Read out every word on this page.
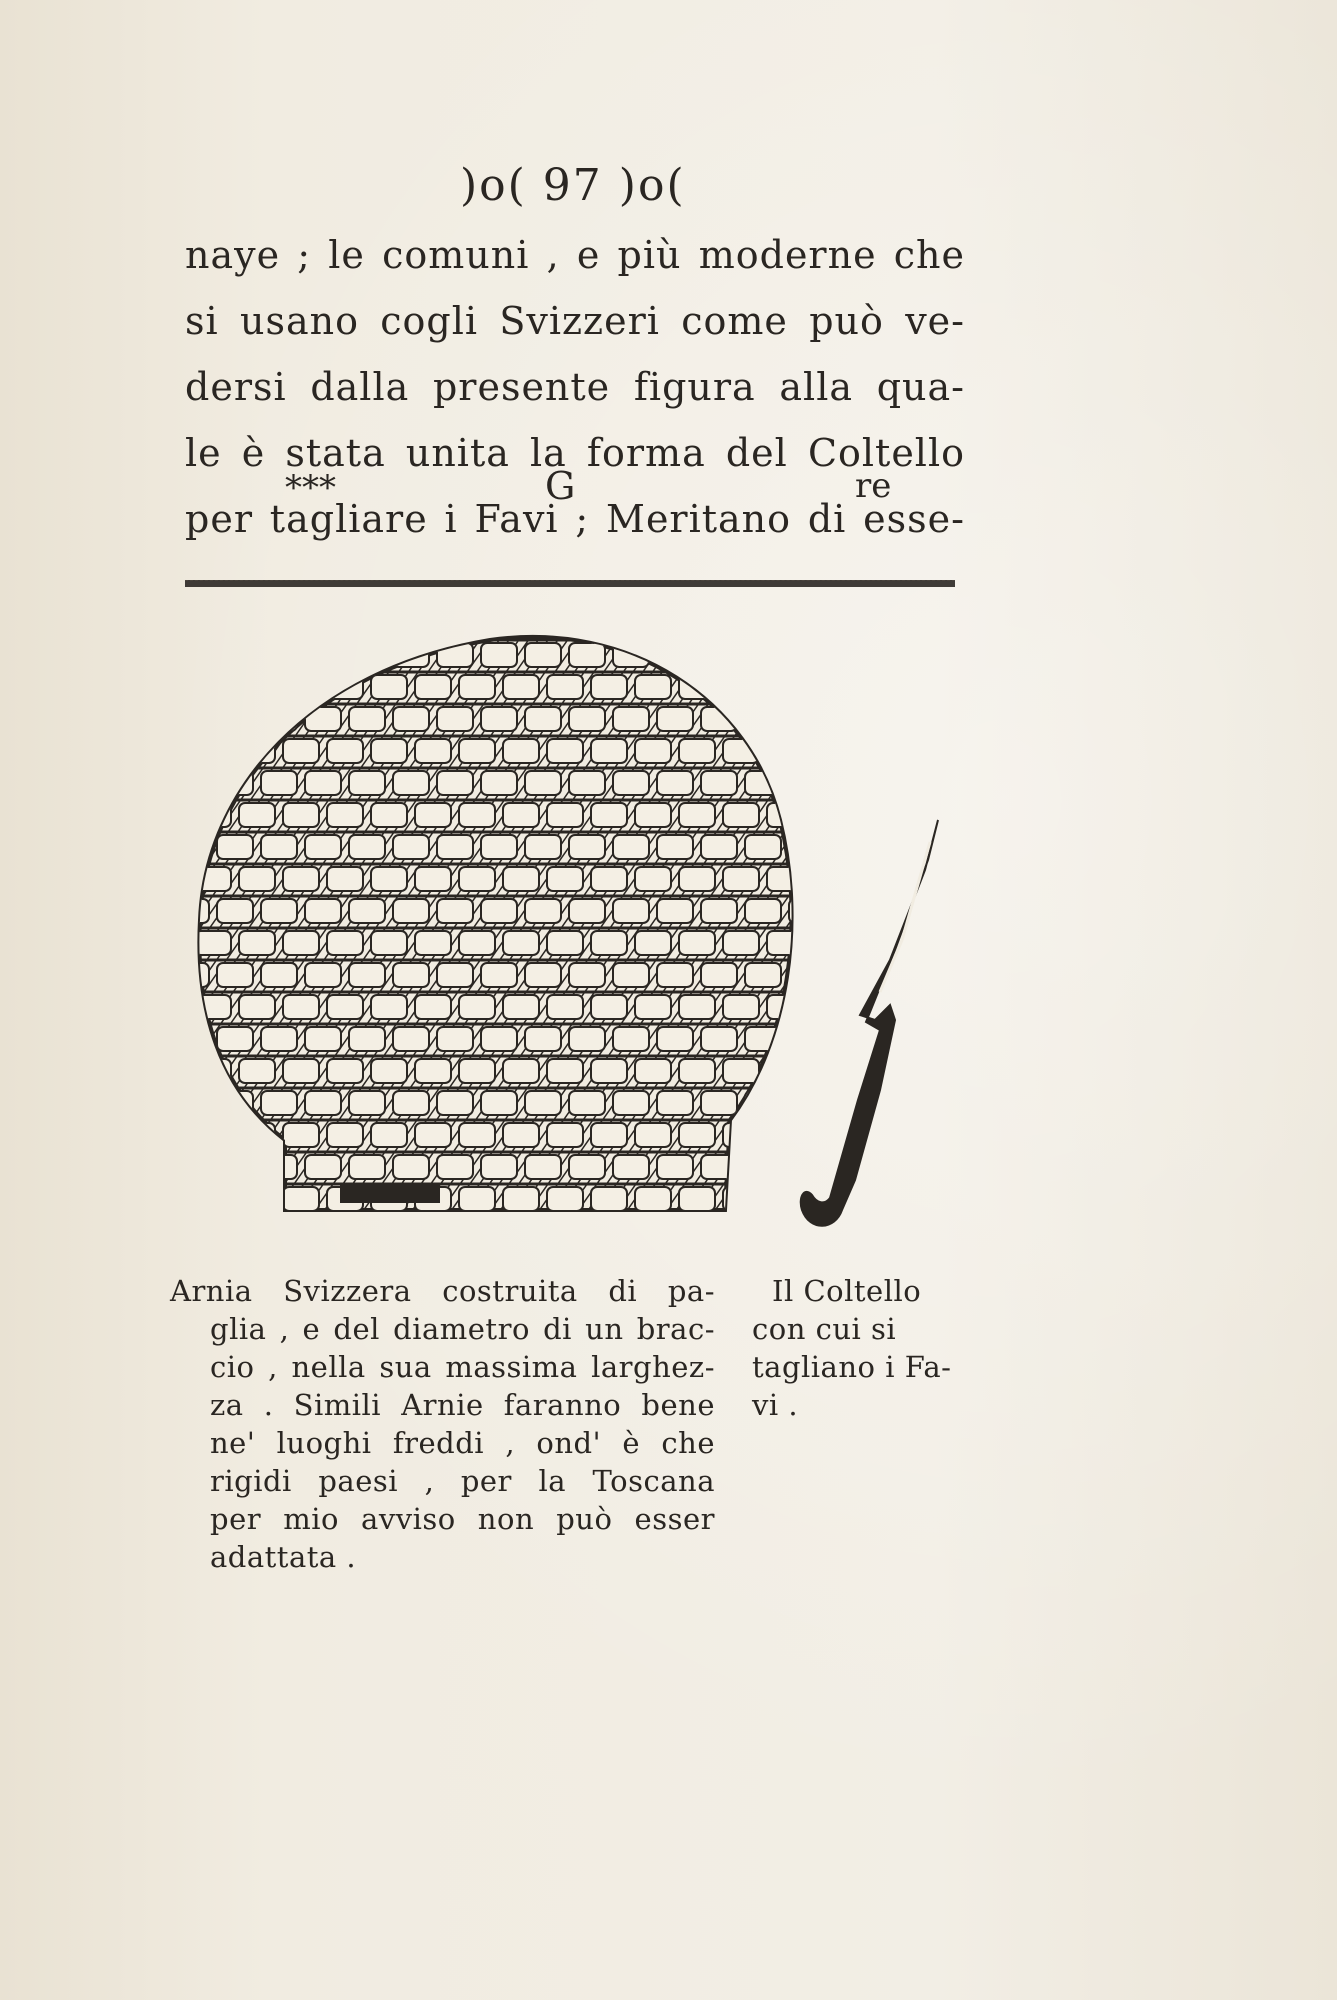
)o( 97 )o(
naye ; le comuni , e più moderne che
si usano cogli Svizzeri come può ve-
dersi dalla presente figura alla qua-
le è stata unita la forma del Coltello
per tagliare i Favi ; Meritano di esse-
***	G	re
Arnia Svizzera costruita di pa-
glia , e del diametro di un brac-
cio , nella sua massima larghez-
za . Simili Arnie faranno bene
ne' luoghi freddi , ond' è che
rigidi paesi , per la Toscana
per mio avviso non può esser
adattata .
Il Coltello
con cui si
tagliano i Fa-
vi .
